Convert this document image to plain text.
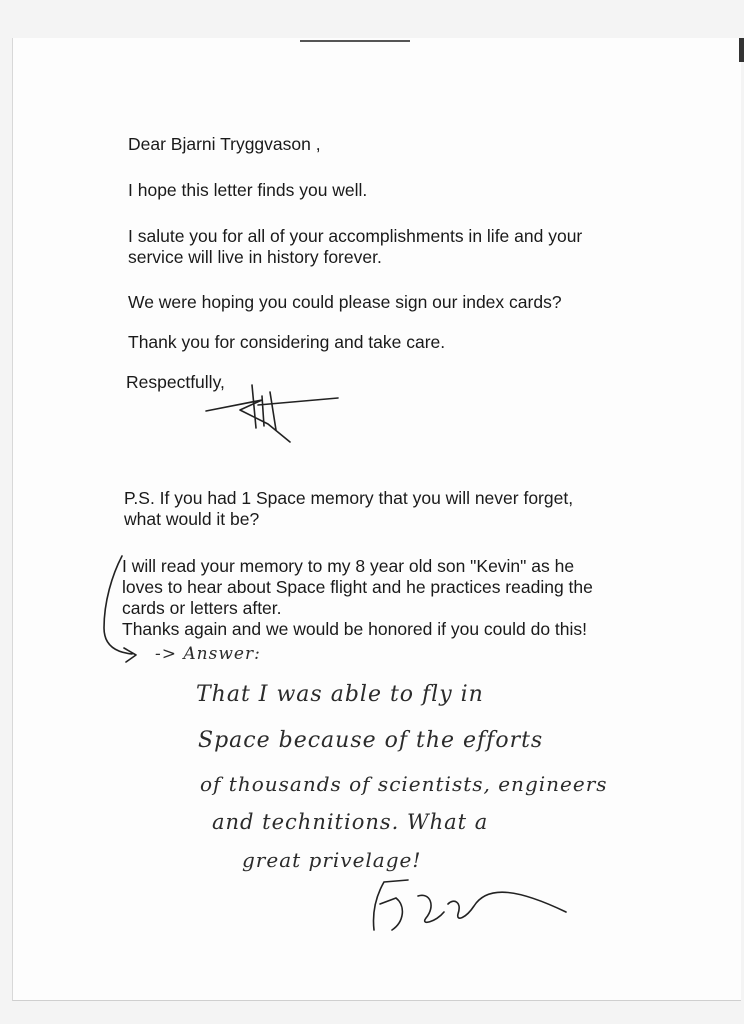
Dear Bjarni Tryggvason ,
I hope this letter finds you well.
I salute you for all of your accomplishments in life and your
service will live in history forever.
We were hoping you could please sign our index cards?
Thank you for considering and take care.
Respectfully,
P.S. If you had 1 Space memory that you will never forget,
what would it be?
I will read your memory to my 8 year old son "Kevin" as he
loves to hear about Space flight and he practices reading the
cards or letters after.
Thanks again and we would be honored if you could do this!
-> Answer:
That I was able to fly in
Space because of the efforts
of thousands of scientists, engineers
and technitions. What a
great privelage!
